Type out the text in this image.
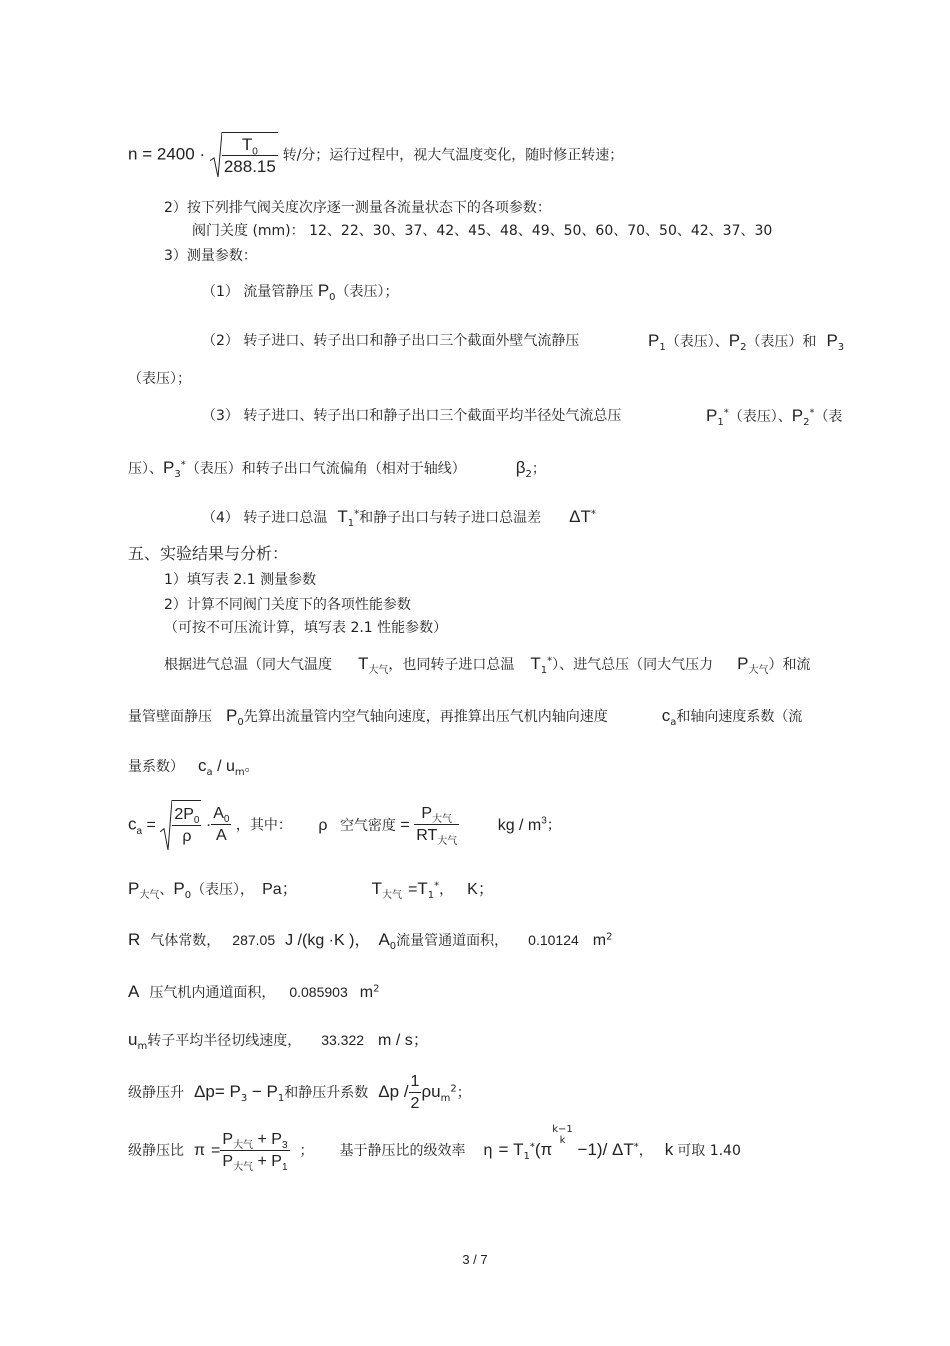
$n = 2400 \cdot \frac{T_0}{288.15}$ 转/分；运行过程中，视大气温度变化，随时修正转速；
2）按下列排气阀关度次序逐一测量各流量状态下的各项参数：
阀门关度 (mm)： 12、22、30、37、42、45、48、49、50、60、70、50、42、37、30
3）测量参数：
（1） 流量管静压 $P_0$（表压）；
（2） 转子进口、转子出口和静子出口三个截面外壁气流静压	$P_1$（表压）、$P_2$（表压）和 $P_3$
（表压）；
（3） 转子进口、转子出口和静子出口三个截面平均半径处气流总压	$P_1^*$（表压）、$P_2^*$（表
压）、$P_3^*$（表压）和转子出口气流偏角（相对于轴线）	$\beta_2$；
（4） 转子进口总温 $T_1^*$和静子出口与转子进口总温差 ΔT*
五、实验结果与分析：
1）填写表 2.1 测量参数
2）计算不同阀门关度下的各项性能参数
（可按不可压流计算，填写表 2.1 性能参数）
根据进气总温（同大气温度 $T_{大气}$，也同转子进口总温 $T_1^*$）、进气总压（同大气压力 $P_{大气}$）和流
量管壁面静压 $P_0$先算出流量管内空气轴向速度，再推算出压气机内轴向速度	$c_a$和轴向速度系数（流
量系数） $c_a / u_m$。
$c_a = \frac{2P_0}{\rho} \cdot \frac{A_0}{A}$ ，其中： ρ 空气密度 = $\frac{P_{大气}}{RT_{大气}}$ kg / $m^3$；
$P_{大气}$、$P_0$（表压）， Pa；	$T_{大气} =T_1^*$， K；
R 气体常数， 287.05 J /(kg ·K )， $A_0$流量管通道面积， 0.10124 $m^2$
A 压气机内通道面积， 0.085903 $m^2$
$u_m$转子平均半径切线速度， 33.322 m / s；
级静压升 $\Delta p= P_3 - P_1$和静压升系数 Δp / $\frac{1}{2} \rho u_m^2$；
级静压比 $\pi = \frac{P_{大气} + P_3}{P_{大气} + P_1}$ ； 基于静压比的级效率 $\eta = T_1^*(\pi$
k−1
k −1)/ ΔT*， k 可取 1.40
3 / 7
